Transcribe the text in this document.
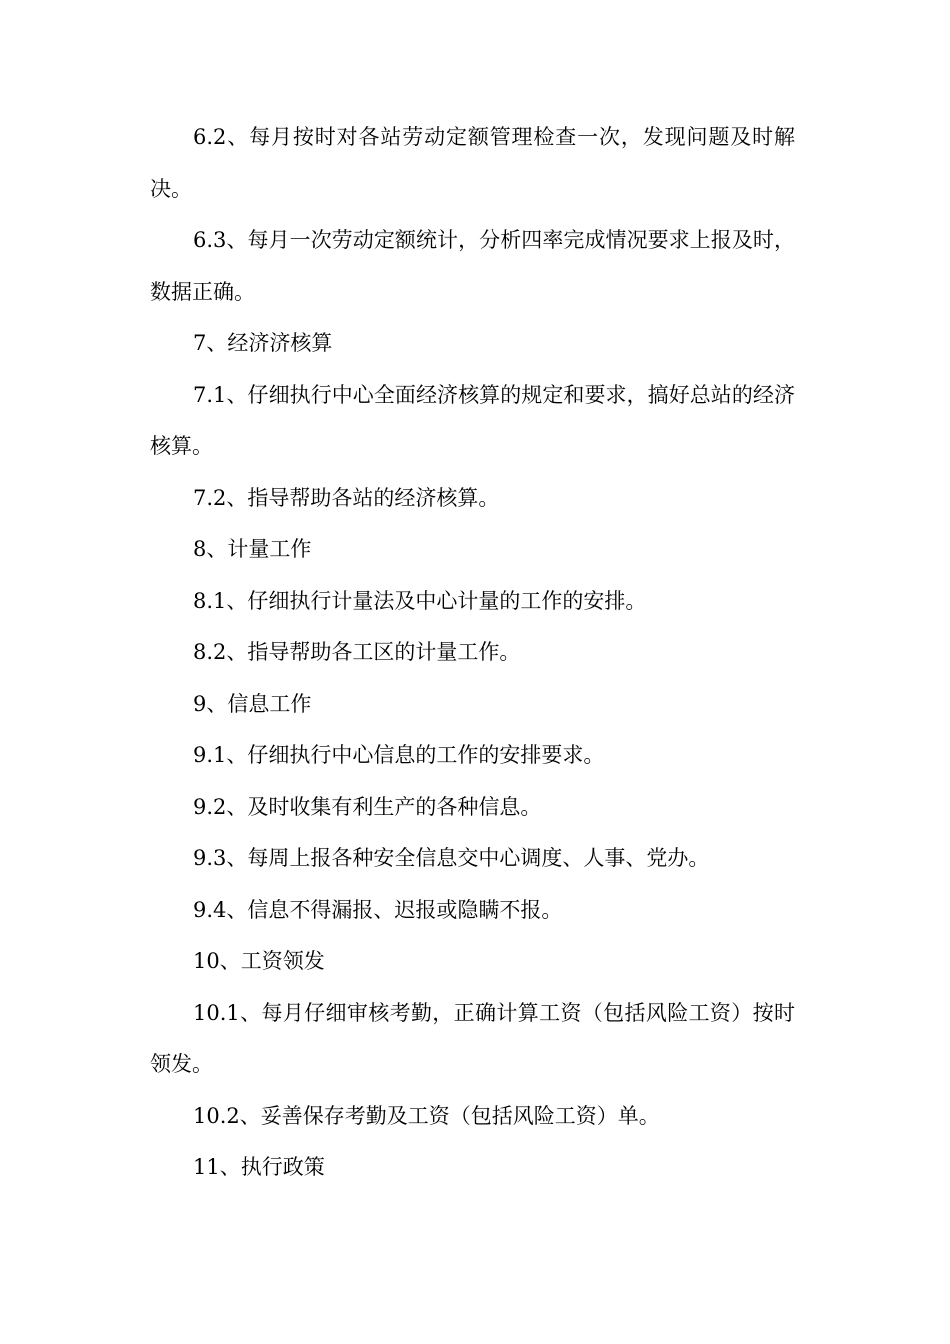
6.2、每月按时对各站劳动定额管理检查一次，发现问题及时解决。

6.3、每月一次劳动定额统计，分析四率完成情况要求上报及时，数据正确。

7、经济济核算

7.1、仔细执行中心全面经济核算的规定和要求，搞好总站的经济核算。

7.2、指导帮助各站的经济核算。

8、计量工作

8.1、仔细执行计量法及中心计量的工作的安排。

8.2、指导帮助各工区的计量工作。

9、信息工作

9.1、仔细执行中心信息的工作的安排要求。

9.2、及时收集有利生产的各种信息。

9.3、每周上报各种安全信息交中心调度、人事、党办。

9.4、信息不得漏报、迟报或隐瞒不报。

10、工资领发

10.1、每月仔细审核考勤，正确计算工资（包括风险工资）按时领发。

10.2、妥善保存考勤及工资（包括风险工资）单。

11、执行政策
